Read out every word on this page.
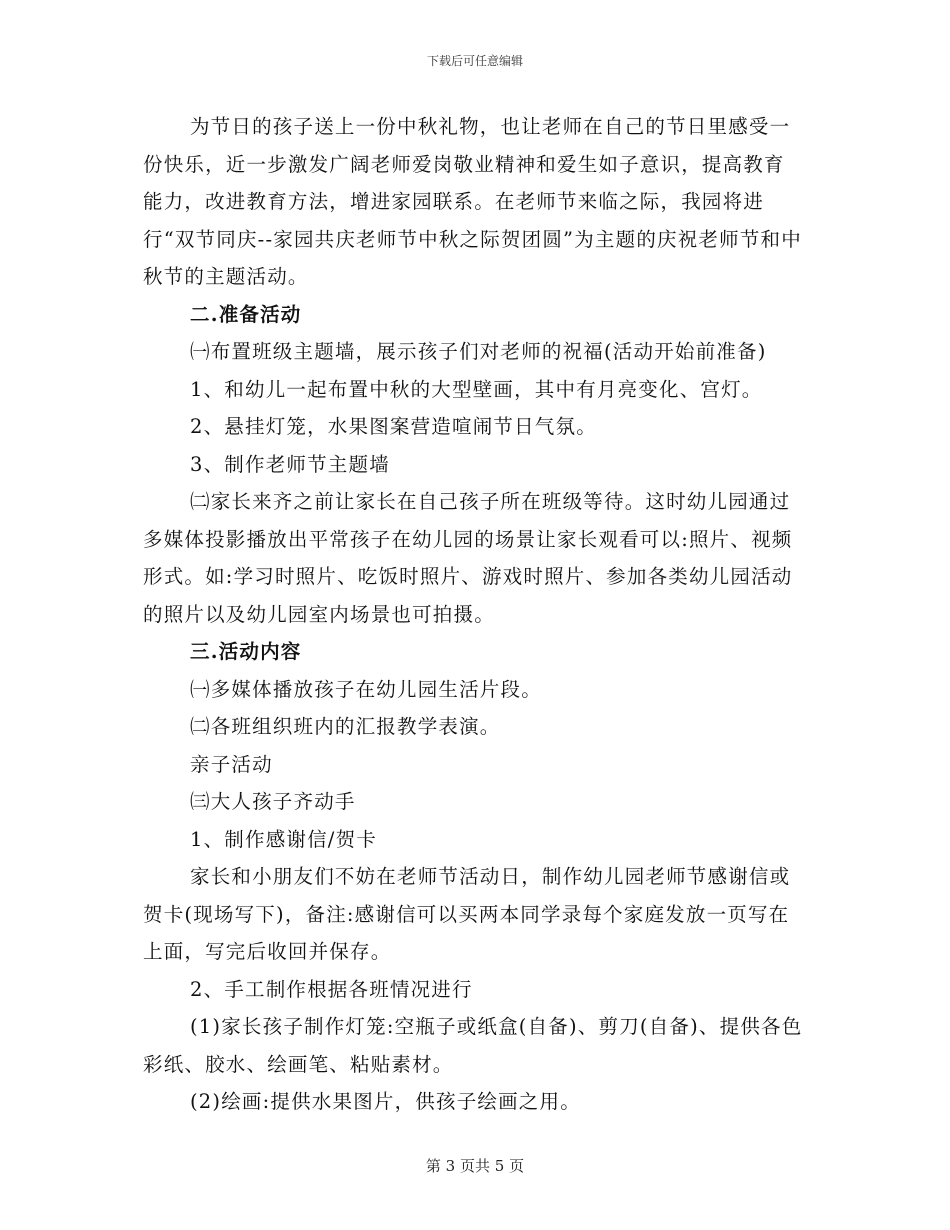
下载后可任意编辑

为节日的孩子送上一份中秋礼物，也让老师在自己的节日里感受一份快乐，近一步激发广阔老师爱岗敬业精神和爱生如子意识，提高教育能力，改进教育方法，增进家园联系。在老师节来临之际，我园将进行“双节同庆--家园共庆老师节中秋之际贺团圆”为主题的庆祝老师节和中秋节的主题活动。

二.准备活动

㈠布置班级主题墙，展示孩子们对老师的祝福(活动开始前准备)

1、和幼儿一起布置中秋的大型壁画，其中有月亮变化、宫灯。

2、悬挂灯笼，水果图案营造喧闹节日气氛。

3、制作老师节主题墙

㈡家长来齐之前让家长在自己孩子所在班级等待。这时幼儿园通过多媒体投影播放出平常孩子在幼儿园的场景让家长观看可以:照片、视频形式。如:学习时照片、吃饭时照片、游戏时照片、参加各类幼儿园活动的照片以及幼儿园室内场景也可拍摄。

三.活动内容

㈠多媒体播放孩子在幼儿园生活片段。

㈡各班组织班内的汇报教学表演。

亲子活动

㈢大人孩子齐动手

1、制作感谢信/贺卡

家长和小朋友们不妨在老师节活动日，制作幼儿园老师节感谢信或贺卡(现场写下)，备注:感谢信可以买两本同学录每个家庭发放一页写在上面，写完后收回并保存。

2、手工制作根据各班情况进行

(1)家长孩子制作灯笼:空瓶子或纸盒(自备)、剪刀(自备)、提供各色彩纸、胶水、绘画笔、粘贴素材。

(2)绘画:提供水果图片，供孩子绘画之用。

第 3 页共 5 页
